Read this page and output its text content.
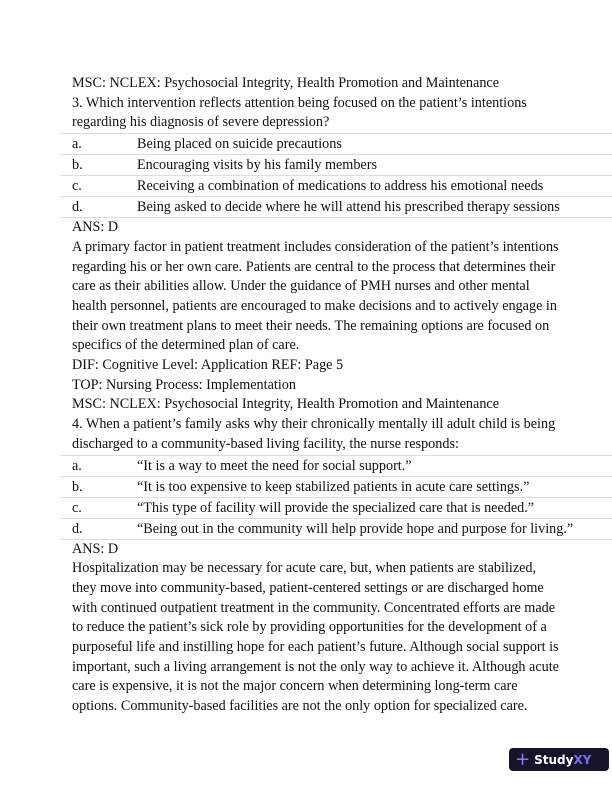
MSC: NCLEX: Psychosocial Integrity, Health Promotion and Maintenance
3. Which intervention reflects attention being focused on the patient’s intentions
regarding his diagnosis of severe depression?
a.	Being placed on suicide precautions
b.	Encouraging visits by his family members
c.	Receiving a combination of medications to address his emotional needs
d.	Being asked to decide where he will attend his prescribed therapy sessions
ANS: D
A primary factor in patient treatment includes consideration of the patient’s intentions
regarding his or her own care. Patients are central to the process that determines their
care as their abilities allow. Under the guidance of PMH nurses and other mental
health personnel, patients are encouraged to make decisions and to actively engage in
their own treatment plans to meet their needs. The remaining options are focused on
specifics of the determined plan of care.
DIF: Cognitive Level: Application REF: Page 5
TOP: Nursing Process: Implementation
MSC: NCLEX: Psychosocial Integrity, Health Promotion and Maintenance
4. When a patient’s family asks why their chronically mentally ill adult child is being
discharged to a community-based living facility, the nurse responds:
a.	“It is a way to meet the need for social support.”
b.	“It is too expensive to keep stabilized patients in acute care settings.”
c.	“This type of facility will provide the specialized care that is needed.”
d.	“Being out in the community will help provide hope and purpose for living.”
ANS: D
Hospitalization may be necessary for acute care, but, when patients are stabilized,
they move into community-based, patient-centered settings or are discharged home
with continued outpatient treatment in the community. Concentrated efforts are made
to reduce the patient’s sick role by providing opportunities for the development of a
purposeful life and instilling hope for each patient’s future. Although social support is
important, such a living arrangement is not the only way to achieve it. Although acute
care is expensive, it is not the major concern when determining long-term care
options. Community-based facilities are not the only option for specialized care.
+ Study XY
